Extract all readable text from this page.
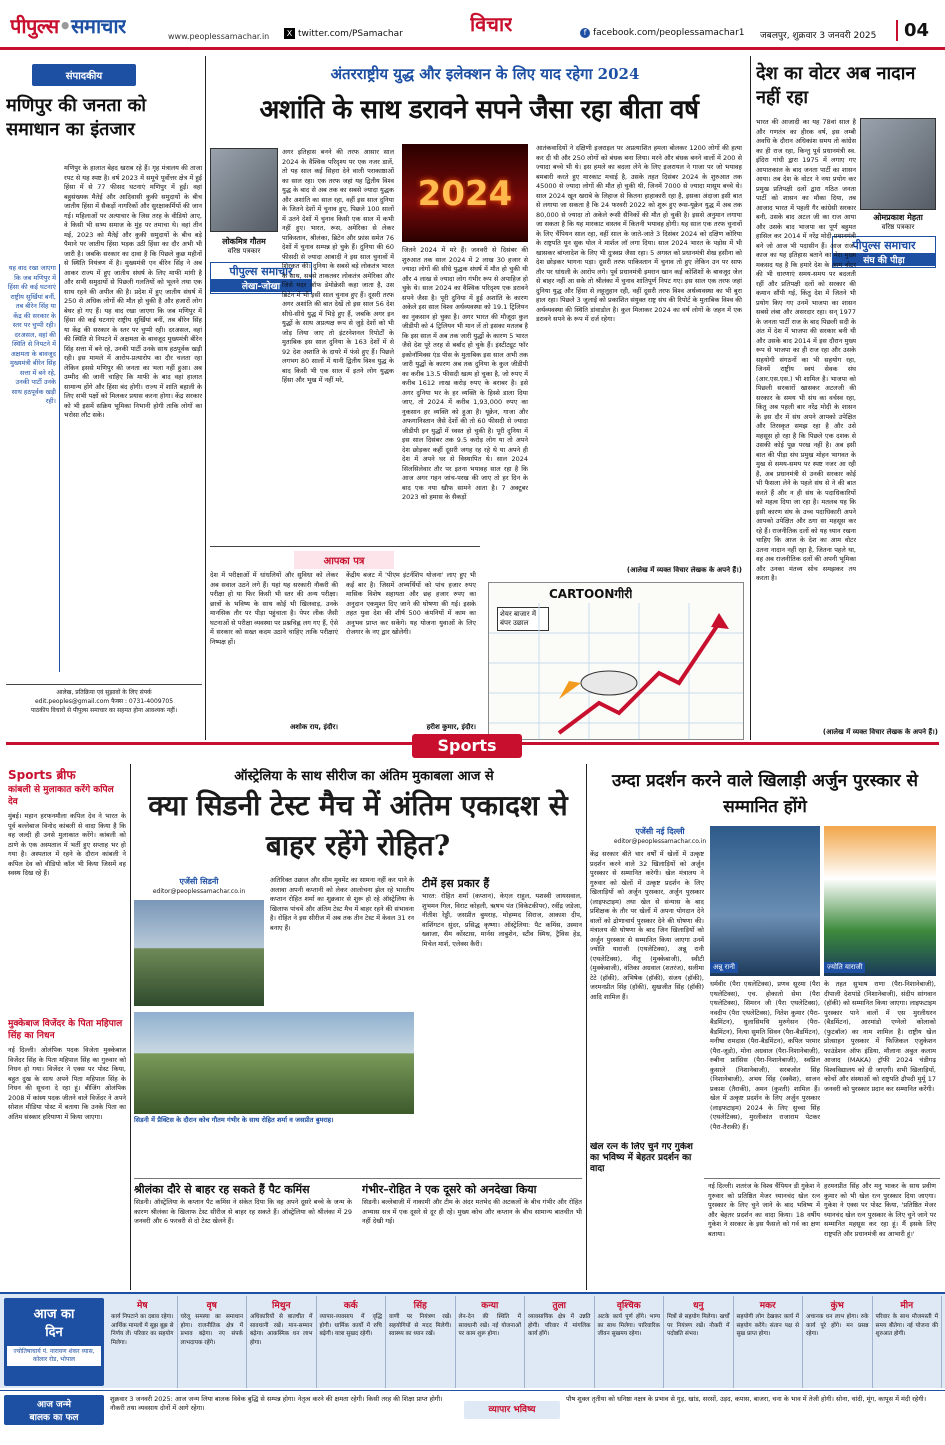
पीपुल्स•समाचार	www.peoplessamachar.in	X twitter.com/PSamachar	विचार	f facebook.com/peoplessamachar1 जबलपुर, शुक्रवार 3 जनवरी 2025	04
संपादकीय
मणिपुर की जनता को समाधान का इंतजार
मणिपुर के हालात बेहद खराब रहे हैं। गृह मंत्रालय की ताजा रपट से यह स्पष्ट है। वर्ष 2023 में समूचे पूर्वोत्तर क्षेत्र में हुई हिंसा में से 77 फीसद घटनाएं मणिपुर में हुईं। वहां बहुसंख्यक मैतेई और आदिवासी कुकी समुदायों के बीच जातीय हिंसा में सैकड़ों नागरिकों और सुरक्षाकर्मियों की जान गई। महिलाओं पर अत्याचार के जिस तरह के वीडियो आए, वे किसी भी सभ्य समाज के मुंह पर तमाचा थे। वहां तीन मई, 2023 को मैतेई और कुकी समुदायों के बीच बड़े पैमाने पर जातीय हिंसा भड़क उठी हिंसा का दौर अभी भी जारी है। जबकि सरकार का दावा है कि पिछले कुछ महीनों से स्थिति नियंत्रण में है। मुख्यमंत्री एन बीरेन सिंह ने अब आकर राज्य में हुए जातीय संघर्ष के लिए माफी मांगी है और सभी समुदायों से पिछली गलतियों को भूलने तथा एक साथ रहने की अपील की है। प्रदेश में हुए जातीय संघर्ष में 250 से अधिक लोगों की मौत हो चुकी है और हजारों लोग बेघर हो गए हैं। यह वाद रखा जाएगा कि जब मणिपुर में हिंसा की कई घटनाएं राष्ट्रीय सुर्खियां बनीं, तब बीरेन सिंह या केंद्र की सरकार के स्तर पर चुप्पी रही। दरअसल, वहां की स्थिति से निपटने में अक्षमता के बावजूद मुख्यमंत्री बीरेन सिंह सत्ता में बने रहे, उनकी पार्टी उनके साथ हठपूर्वक खड़ी रही। इस मामले में आरोप-प्रत्यारोप का दौर चलता रहा लेकिन इससे मणिपुर की जनता का भला नहीं हुआ। अब उम्मीद की जानी चाहिए कि माफी के बाद वहां हालात सामान्य होंगे और हिंसा बंद होगी। राज्य में शांति बहाली के लिए सभी पक्षों को मिलकर प्रयास करना होगा। केंद्र सरकार को भी इसमें सक्रिय भूमिका निभानी होगी ताकि लोगों का भरोसा लौट सके।
यह वाद रखा जाएगा कि जब मणिपुर में हिंसा की कई घटनाएं राष्ट्रीय सुर्खियां बनीं, तब बीरेन सिंह या केंद्र की सरकार के स्तर पर चुप्पी रही। दरअसल, वहां की स्थिति से निपटने में अक्षमता के बावजूद मुख्यमंत्री बीरेन सिंह सत्ता में बने रहे, उनकी पार्टी उनके साथ हठपूर्वक खड़ी रही।
आलेख, प्रतिक्रिया एवं सुझावों के लिए संपर्क
edit.peoples@gmail.com फैक्स : 0731-4009705
पाठकीय विचारों से पीपुल्स समाचार का सहमत होना आवश्यक नहीं।
अंतरराष्ट्रीय युद्ध और इलेक्शन के लिए याद रहेगा 2024
अशांति के साथ डरावने सपने जैसा रहा बीता वर्ष
लोकमित्र गौतम
वरिष्ठ पत्रकार
पीपुल्स समाचार
लेखा-जोखा
अगर इतिहास बनने की तरफ आसार साल 2024 के वैश्विक परिदृश्य पर एक नजर डालें, तो यह साल कई सिहरा देने वाली पराकाष्ठाओं का साल रहा। एक तरफ जहां यह द्वितीय विश्व युद्ध के बाद से अब तक का सबसे ज्यादा युद्धक और अशांति का साल रहा, वहीं इस साल दुनिया के जितने देशों में चुनाव हुए, पिछले 100 सालों में उतने देशों में चुनाव किसी एक साल में कभी नहीं हुए। भारत, रूस, अमेरिका से लेकर पाकिस्तान, श्रीलंका, ब्रिटेन और फ्रांस समेत 76 देशों में चुनाव सम्पन्न हो चुके हैं। दुनिया की 60 फीसदी से ज्यादा आबादी ने इस साल चुनावों में शिरकत की। दुनिया के सबसे बड़े लोकतंत्र भारत के साथ, सबसे ताकतवर लोकतंत्र अमेरिका और जिसे मदर ऑफ डेमोक्रेसी कहा जाता है, उस ब्रिटेन में भी इसी साल चुनाव हुए हैं। दूसरी तरफ अगर अशांति की बात देखें तो इस साल 56 देश सीधे-सीधे युद्ध में भिड़े हुए हैं, जबकि अगर इन युद्धों के साथ अप्रत्यक्ष रूप से जुड़े देशों को भी जोड़ लिया जाए तो इंटरनेशनल रिपोर्टों के मुताबिक इस साल दुनिया के 163 देशों में से 92 देश अशांति के दायरे में फंसे हुए हैं। पिछले लगभग 80 सालों में यानी द्वितीय विश्व युद्ध के बाद किसी भी एक साल में इतने लोग युद्धक हिंसा और भूख में नहीं मरे,
2024
जितने 2024 में मरे हैं। जनवरी से दिसंबर की शुरुआत तक साल 2024 में 2 लाख 30 हजार से ज्यादा लोगों की सीधे युद्धक संघर्ष में मौत हो चुकी थी और 4 लाख से ज्यादा लोग गंभीर रूप से अपाहिज हो चुके थे। साल 2024 का वैश्विक परिदृश्य एक डरावने सपने जैसा है। पूरी दुनिया में हुई अशांति के कारण अकेले इस साल विश्व अर्थव्यवस्था को 19.1 ट्रिलियन का नुकसान हो चुका है। अगर भारत की मौजूदा कुल जीडीपी को 4 ट्रिलियन भी मान लें तो इसका मतलब है कि इस साल में अब तक जारी युद्धों के कारण 5 भारत जैसे देश पूरे तरह से बर्बाद हो चुके हैं। इंस्टीट्यूट फॉर इकोनॉमिक्स एंड पीस के मुताबिक इस साल अभी तक जारी युद्धों के कारण अब तक दुनिया के कुल जीडीपी का करीब 13.5 फीसदी खत्म हो चुका है, जो रुपए में करीब 1612 लाख करोड़ रुपए के बराबर है। इसे अगर दुनिया भर के हर व्यक्ति के हिस्से डाला दिया जाए, तो 2024 में करीब 1,93,000 रुपए का नुकसान हर व्यक्ति को हुआ है। यूक्रेन, गाजा और अफगानिस्तान जैसे देशों की तो 60 फीसदी से ज्यादा जीडीपी इन युद्धों में ध्वस्त हो चुकी है। पूरी दुनिया में इस साल दिसंबर तक 9.5 करोड़ लोग या तो अपने देश छोड़कर कहीं दूसरी जगह रह रहे थे या अपने ही देश में अपने घर से विस्थापित थे। साल 2024 सिलसिलेवार तौर पर इतना भयावह साल रहा है कि आज अगर गहन जांच-परख की जाए तो हर दिन के बाद एक नया खौफ सामने आता है। 7 अक्टूबर 2023 को हमास के सैकड़ों
आतंकवादियों ने दक्षिणी इजराइल पर अप्रत्याशित हमला बोलकर 1200 लोगों की हत्या कर दी थी और 250 लोगों को बंधक बना लिया। मरने और बंधक बनने वालों में 200 से ज्यादा बच्चे भी थे। इस हमले का बदला लेने के लिए इजरायल ने गाजा पर जो भयावह बमबारी करते हुए मारकाट मचाई है, उसके तहत दिसंबर 2024 के शुरुआत तक 45000 से ज्यादा लोगों की मौत हो चुकी थी, जिनमें 7000 से ज्यादा मासूम बच्चे थे। साल 2024 खून खराबे के लिहाज से कितना हाहाकारी रहा है, इसका अंदाजा इसी बात से लगाया जा सकता है कि 24 फरवरी 2022 को शुरू हुए रूस-यूक्रेन युद्ध में अब तक 80,000 से ज्यादा तो अकेले रूसी सैनिकों की मौत हो चुकी है। इससे अनुमान लगाया जा सकता है कि यह मारकाट वास्तव में कितनी भयावह होगी। यह साल एक तरफ चुनावों के लिए चैंपियन साल रहा, वहीं साल के जाते-जाते 3 दिसंबर 2024 को दक्षिण कोरिया के राष्ट्रपति यून सुक योल ने मार्शल लॉ लगा दिया। साल 2024 भारत के पड़ोस में भी खासकर बांग्लादेश के लिए भी दुःस्वप्न जैसा रहा। 5 अगस्त को प्रधानमंत्री शेख हसीना को देश छोड़कर भागना पड़ा। दूसरी तरफ पाकिस्तान में चुनाव तो हुए लेकिन उन पर साफ तौर पर धांधली के आरोप लगे। पूर्व प्रधानमंत्री इमरान खान कई कोशिशों के बावजूद जेल से बाहर नहीं आ सके तो श्रीलंका में चुनाव शांतिपूर्ण निपट गए। इस साल एक तरफ जहां दुनिया युद्ध और हिंसा से लहूलुहान रही, वहीं दूसरी तरफ विश्व अर्थव्यवस्था का भी बुरा हाल रहा। पिछले 3 जुलाई को प्रकाशित संयुक्त राष्ट्र संघ की रिपोर्ट के मुताबिक विश्व की अर्थव्यवस्था की स्थिति डांवाडोल है। कुल मिलाकर 2024 का वर्ष लोगों के जहन में एक डरावने सपने के रूप में दर्ज रहेगा।
(आलेख में व्यक्त विचार लेखक के अपने हैं।)
आपका पत्र
देश में परीक्षाओं में धांधलियों और सुविधा को लेकर अब सवाल उठने लगे हैं। यहां यह सरकारी नौकरी की परीक्षा हो या फिर किसी भी स्तर की अन्य परीक्षा। छात्रों के भविष्य के साथ कोई भी खिलवाड़, उनके मानसिक तौर पर पीड़ा पहुंचाता है। पेपर लीक जैसी घटनाओं से परीक्षा व्यवस्था पर प्रश्नचिह्न लग गए हैं, ऐसे में सरकार को सख्त कदम उठाने चाहिए ताकि परीक्षाएं निष्पक्ष हों।
अशोक राय, इंदौर।
केंद्रीय बजट में 'पीएम इंटर्नशिप योजना' लाए हुए भी कई बार है। जिसमें अभ्यर्थियों को पांच हजार रुपए मासिक विशेष सहायता और छह हजार रुपए का अनुदान एकमुश्त दिए जाने की घोषणा की गई। इसके तहत युवा देश की शीर्ष 500 कंपनियों में काम का अनुभव प्राप्त कर सकेंगे। यह योजना युवाओं के लिए रोजगार के नए द्वार खोलेगी।
हरीश कुमार, इंदौर।
CARTOONगीरी
शेयर बाजार में बंपर उछाल
देश का वोटर अब नादान नहीं रहा
ओमप्रकाश मेहता
वरिष्ठ पत्रकार
पीपुल्स समाचार
संघ की पीड़ा
भारत की आजादी का यह 78वां साल है और गणतंत्र का हीरक वर्ष, इस लम्बी अवधि के दौरान अधिकांश समय तो कांग्रेस का ही राज रहा, किन्तु पूर्व प्रधानमंत्री स्व. इंदिरा गांधी द्वारा 1975 में लगाए गए आपातकाल के बाद जनता पार्टी का शासन आया। तब देश के वोटर ने नया प्रयोग कर प्रमुख प्रतिपक्षी दलों द्वारा गठित जनता पार्टी को शासन का मौका दिया, तब आजाद भारत में पहली गैर कांग्रेसी सरकार बनी, उसके बाद अटल जी का राज आया और उसके बाद भाजपा का पूर्ण बहुमत हासिल कर 2014 में नरेंद्र मोदी प्रधानमंत्री बने जो आज भी पदासीन हैं। आज राज-काज का यह इतिहास बताने का मेरा मुख्य मकसद यह है कि हमारे देश के आम वोटर की भी धारणाएं समय-समय पर बदलती रहीं और प्रतिपक्षी दलों को सरकार की कमान सौंपी गई, किंतु देश में जितने भी प्रयोग किए गए उनमें भाजपा का शासन सबसे लंबा और असरदार रहा। सन् 1977 के जनता पार्टी राज के बाद पिछली सदी के अंत में देश में भाजपा की सरकार बनी थी और उसके बाद 2014 में इस दौरान मुख्य रूप से भाजपा का ही राज रहा और उसके सहयोगी संगठनों का भी सहयोग रहा, जिनमें राष्ट्रीय स्वयं सेवक संघ (आर.एस.एस.) भी शामिल है। भाजपा को पिछली सरकारों खासकर अटलजी की सरकार के समय भी संघ का वर्चस्व रहा, किंतु अब पहली बार नरेंद्र मोदी के शासन के इस दौर में संघ अपने आपको उपेक्षित और तिरस्कृत समझ रहा है और उसे महसूस हो रहा है कि पिछले एक दशक से उसकी कोई पूछ परख नहीं है। अब इसी बात की पीड़ा संघ प्रमुख मोहन भागवत के मुख से समय-समय पर स्पष्ट नजर आ रही है, अब प्रधानमंत्री से उनकी सरकार कोई भी फैसला लेने के पहले संघ से ने की बात करते हैं और न ही संघ के पदाधिकारियों को महत्व दिया जा रहा है। मतलब यह कि इसी कारण संघ के उच्च पदाधिकारी अपने आपको उपेक्षित और ठगा सा महसूस कर रहे हैं। राजनीतिक दलों को यह ध्यान रखना चाहिए कि आज के देश का आम वोटर उतना नादान नहीं रहा है, जितना पहले था, वह अब राजनीतिक दलों की अपनी भूमिका और उनका मंतव्य सोच समझकर तय करता है।
(आलेख में व्यक्त विचार लेखक के अपने हैं।)
Sports
Sports ब्रीफ
कांबली से मुलाकात करेंगे कपिल देव
मुंबई। महान हरफनमौला कपिल देव ने भारत के पूर्व बल्लेबाज विनोद कांबली से वादा किया है कि वह जल्दी ही उनसे मुलाकात करेंगे। कांबली को ठाणे के एक अस्पताल में भर्ती हुए सप्ताह भर हो गया है। अस्पताल में रहने के दौरान कांबली ने कपिल देव को वीडियो कॉल भी किया जिसमें वह स्वस्थ दिख रहे हैं।
मुक्केबाज विजेंदर के पिता महिपाल सिंह का निधन
नई दिल्ली। ओलंपिक पदक विजेता मुक्केबाज विजेंदर सिंह के पिता महिपाल सिंह का गुरुवार को निधन हो गया। विजेंदर ने एक्स पर पोस्ट किया, बहुत दुख के साथ अपने पिता महिपाल सिंह के निधन की सूचना दे रहा हूं। बीजिंग ओलंपिक 2008 में कांस्य पदक जीतने वाले विजेंदर ने अपने सोशल मीडिया पोस्ट में बताया कि उनके पिता का अंतिम संस्कार हरियाणा में किया जाएगा।
ऑस्ट्रेलिया के साथ सीरीज का अंतिम मुकाबला आज से
क्या सिडनी टेस्ट मैच में अंतिम एकादश से बाहर रहेंगे रोहित?
एजेंसी सिडनी
editor@peoplessamachar.co.in
अतिरिक्त उछाल और सीम मूवमेंट का सामना नहीं कर पाने के अलावा अपनी कप्तानी को लेकर आलोचना झेल रहे भारतीय कप्तान रोहित शर्मा का शुक्रवार से शुरू हो रहे ऑस्ट्रेलिया के खिलाफ पांचवें और अंतिम टेस्ट मैच में बाहर रहने की संभावना है। रोहित ने इस सीरीज में अब तक तीन टेस्ट में केवल 31 रन बनाए हैं।
सिडनी में प्रैक्टिस के दौरान कोच गौतम गंभीर के साथ रोहित शर्मा व जसप्रीत बुमराह।
टीमें इस प्रकार हैं
भारत: रोहित शर्मा (कप्तान), केएल राहुल, यशस्वी जायसवाल, शुभमन गिल, विराट कोहली, ऋषभ पंत (विकेटकीपर), रवींद्र जडेजा, नीतीश रेड्डी, जसप्रीत बुमराह, मोहम्मद सिराज, आकाश दीप, वाशिंगटन सुंदर, प्रसिद्ध कृष्णा। ऑस्ट्रेलिया: पैट कमिंस, उस्मान ख्वाजा, सैम कोंस्टास, मार्नस लाबुशेन, स्टीव स्मिथ, ट्रैविस हेड, मिचेल मार्श, एलेक्स कैरी।
श्रीलंका दौरे से बाहर रह सकते हैं पैट कमिंस
सिडनी। ऑस्ट्रेलिया के कप्तान पैट कमिंस ने संकेत दिया कि वह अपने दूसरे बच्चे के जन्म के कारण श्रीलंका के खिलाफ टेस्ट सीरीज से बाहर रह सकते हैं। ऑस्ट्रेलिया को श्रीलंका में 29 जनवरी और 6 फरवरी से दो टेस्ट खेलने हैं।
गंभीर–रोहित ने एक दूसरे को अनदेखा किया
सिडनी। बल्लेबाजी में नाकामी और टीम के अंदर मतभेद की अटकलों के बीच गंभीर और रोहित अभ्यास सत्र में एक दूसरे से दूर ही रहे। मुख्य कोच और कप्तान के बीच सामान्य बातचीत भी नहीं देखी गई।
उम्दा प्रदर्शन करने वाले खिलाड़ी अर्जुन पुरस्कार से सम्मानित होंगे
एजेंसी नई दिल्ली
editor@peoplessamachar.co.in
केंद्र सरकार बीते चार वर्षों में खेलों में उत्कृष्ट प्रदर्शन करने वाले 32 खिलाड़ियों को अर्जुन पुरस्कार से सम्मानित करेगी। खेल मंत्रालय ने गुरुवार को खेलों में उत्कृष्ट प्रदर्शन के लिए खिलाड़ियों को अर्जुन पुरस्कार, अर्जुन पुरस्कार (लाइफटाइम) तथा खेल से संन्यास के बाद प्रशिक्षक के तौर पर खेलों में अपना योगदान देने वालों को द्रोणाचार्य पुरस्कार देने की घोषणा की। मंत्रालय की घोषणा के बाद जिन खिलाड़ियों को अर्जुन पुरस्कार से सम्मानित किया जाएगा उनमें ज्योति याराजी (एथलेटिक्स), अन्नू रानी (एथलेटिक्स), नीतू (मुक्केबाजी), स्वीटी (मुक्केबाजी), वंतिका अग्रवाल (शतरंज), सलीमा टेटे (हॉकी), अभिषेक (हॉकी), संजय (हॉकी), जरमनप्रीत सिंह (हॉकी), सुखजीत सिंह (हॉकी) आदि शामिल हैं।
अन्नू रानी	ज्योति याराजी
धर्मवीर (पैरा एथलेटिक्स), प्रणव सूरमा (पैरा एथलेटिक्स), एच. होकातो सेमा (पैरा एथलेटिक्स), सिमरन जी (पैरा एथलेटिक्स), नवदीप (पैरा एथलेटिक्स), नितेश कुमार (पैरा-बैडमिंटन), थुलासिमथि मुरुगेसन (पैरा-बैडमिंटन), नित्या सुमति सिवन (पैरा-बैडमिंटन), मनीषा रामदास (पैरा-बैडमिंटन), कपिल परमार (पैरा-जूडो), मोना अग्रवाल (पैरा-निशानेबाजी), रुबीना फ्रांसिस (पैरा-निशानेबाजी), स्वप्निल कुसाले (निशानेबाजी), सरबजोत सिंह (निशानेबाजी), अभय सिंह (स्क्वैश), साजन प्रकाश (तैराकी), अमन (कुश्ती) शामिल हैं। खेल में उत्कृष्ट प्रदर्शन के लिए अर्जुन पुरस्कार (लाइफटाइम) 2024 के लिए सुच्चा सिंह (एथलेटिक्स), मुरलीकांत राजाराम पेटकर (पैरा-तैराकी) हैं।
के तहत सुभाष राणा (पैरा-निशानेबाजी), दीपाली देशपांडे (निशानेबाजी), संदीप सांगवान (हॉकी) को सम्मानित किया जाएगा। लाइफटाइम पुरस्कार पाने वालों में एस मुरलीधरन (बैडमिंटन), आरमांडो एग्नेलो कोलाको (फुटबॉल) का नाम शामिल है। राष्ट्रीय खेल प्रोत्साहन पुरस्कार में फिजिकल एजुकेशन फाउंडेशन ऑफ इंडिया, मौलाना अबुल कलाम आजाद (MAKA) ट्रॉफी 2024 चंडीगढ़ विश्वविद्यालय को दी जाएगी। सभी खिलाड़ियों, कोचों और संस्थाओं को राष्ट्रपति द्रौपदी मुर्मू 17 जनवरी को पुरस्कार प्रदान कर सम्मानित करेंगी।
खेल रत्न के लिए चुने गए गुकेश का भविष्य में बेहतर प्रदर्शन का वादा
नई दिल्ली। शतरंज के विश्व चैंपियन डी गुकेश ने गुरुवार को प्रतिष्ठित मेजर ध्यानचंद खेल रत्न पुरस्कार के लिए चुने जाने के बाद भविष्य में और बेहतर प्रदर्शन का वादा किया। 18 वर्षीय गुकेश ने सरकार के इस फैसले को गर्व का क्षण बताया।
हरमनप्रीत सिंह और मनु भाकर के साथ प्रवीण कुमार को भी खेल रत्न पुरस्कार दिया जाएगा। गुकेश ने एक्स पर पोस्ट किया, 'प्रतिष्ठित मेजर ध्यानचंद खेल रत्न पुरस्कार के लिए चुने जाने पर सम्मानित महसूस कर रहा हूं। मैं इसके लिए राष्ट्रपति और प्रधानमंत्री का आभारी हूं।'
आज का
दिन
ज्योतिषाचार्य पं. नारायण शंकर व्यास, कोलार रोड, भोपाल
मेष
कार्य निपटाने का दबाव रहेगा। आर्थिक मामलों में सूझ बूझ से निर्णय लें। परिवार का सहयोग मिलेगा।
वृष
घरेलू समस्या का समाधान होगा। राजनीतिक क्षेत्र में प्रभाव बढ़ेगा। नए संपर्क लाभदायक रहेंगे।
मिथुन
अधिकारियों से बातचीत में सावधानी रखें। मान-सम्मान बढ़ेगा। आकस्मिक धन लाभ होगा।
कर्क
व्यापार-व्यवसाय में वृद्धि होगी। धार्मिक कार्यों में रुचि बढ़ेगी। यात्रा सुखद रहेगी।
सिंह
वाणी पर नियंत्रण रखें। सहयोगियों से मदद मिलेगी। स्वास्थ्य का ध्यान रखें।
कन्या
लेन-देन की स्थिति में सावधानी रखें। नई योजनाओं पर काम शुरू होगा।
तुला
व्यावसायिक क्षेत्र में उन्नति होगी। परिवार में मांगलिक कार्य होंगे।
वृश्चिक
अटके कार्य पूर्ण होंगे। भाग्य का साथ मिलेगा। पारिवारिक जीवन सुखमय रहेगा।
धनु
मित्रों से सहयोग मिलेगा। खर्चों पर नियंत्रण रखें। नौकरी में पदोन्नति संभव।
मकर
सहयोगी लोग देखकर कार्य में सहयोग करेंगे। संतान पक्ष से सुख प्राप्त होगा।
कुंभ
अचानक धन लाभ होगा। रुके कार्य पूरे होंगे। मन प्रसन्न रहेगा।
मीन
परिवार के साथ मौजमस्ती में समय बीतेगा। नई योजना की शुरुआत होगी।
आज जन्मे
बालक का फल
शुक्रवार 3 जनवरी 2025: आज जन्म लिया बालक विवेक बुद्धि से सम्पन्न होगा। नेतृत्व करने की क्षमता रहेगी। किसी तरह की शिक्षा प्राप्त होगी। नौकरी तथा व्यवसाय दोनों में आगे रहेगा।	व्यापार भविष्य
पौष शुक्ल तृतीया को धनिष्ठा नक्षत्र के प्रभाव से गुड़, खांड, सरसों, उड़द, कपास, बाजरा, चना के भाव में तेजी होगी। सोना, चांदी, मूंग, कापूस में मंदी रहेगी।
